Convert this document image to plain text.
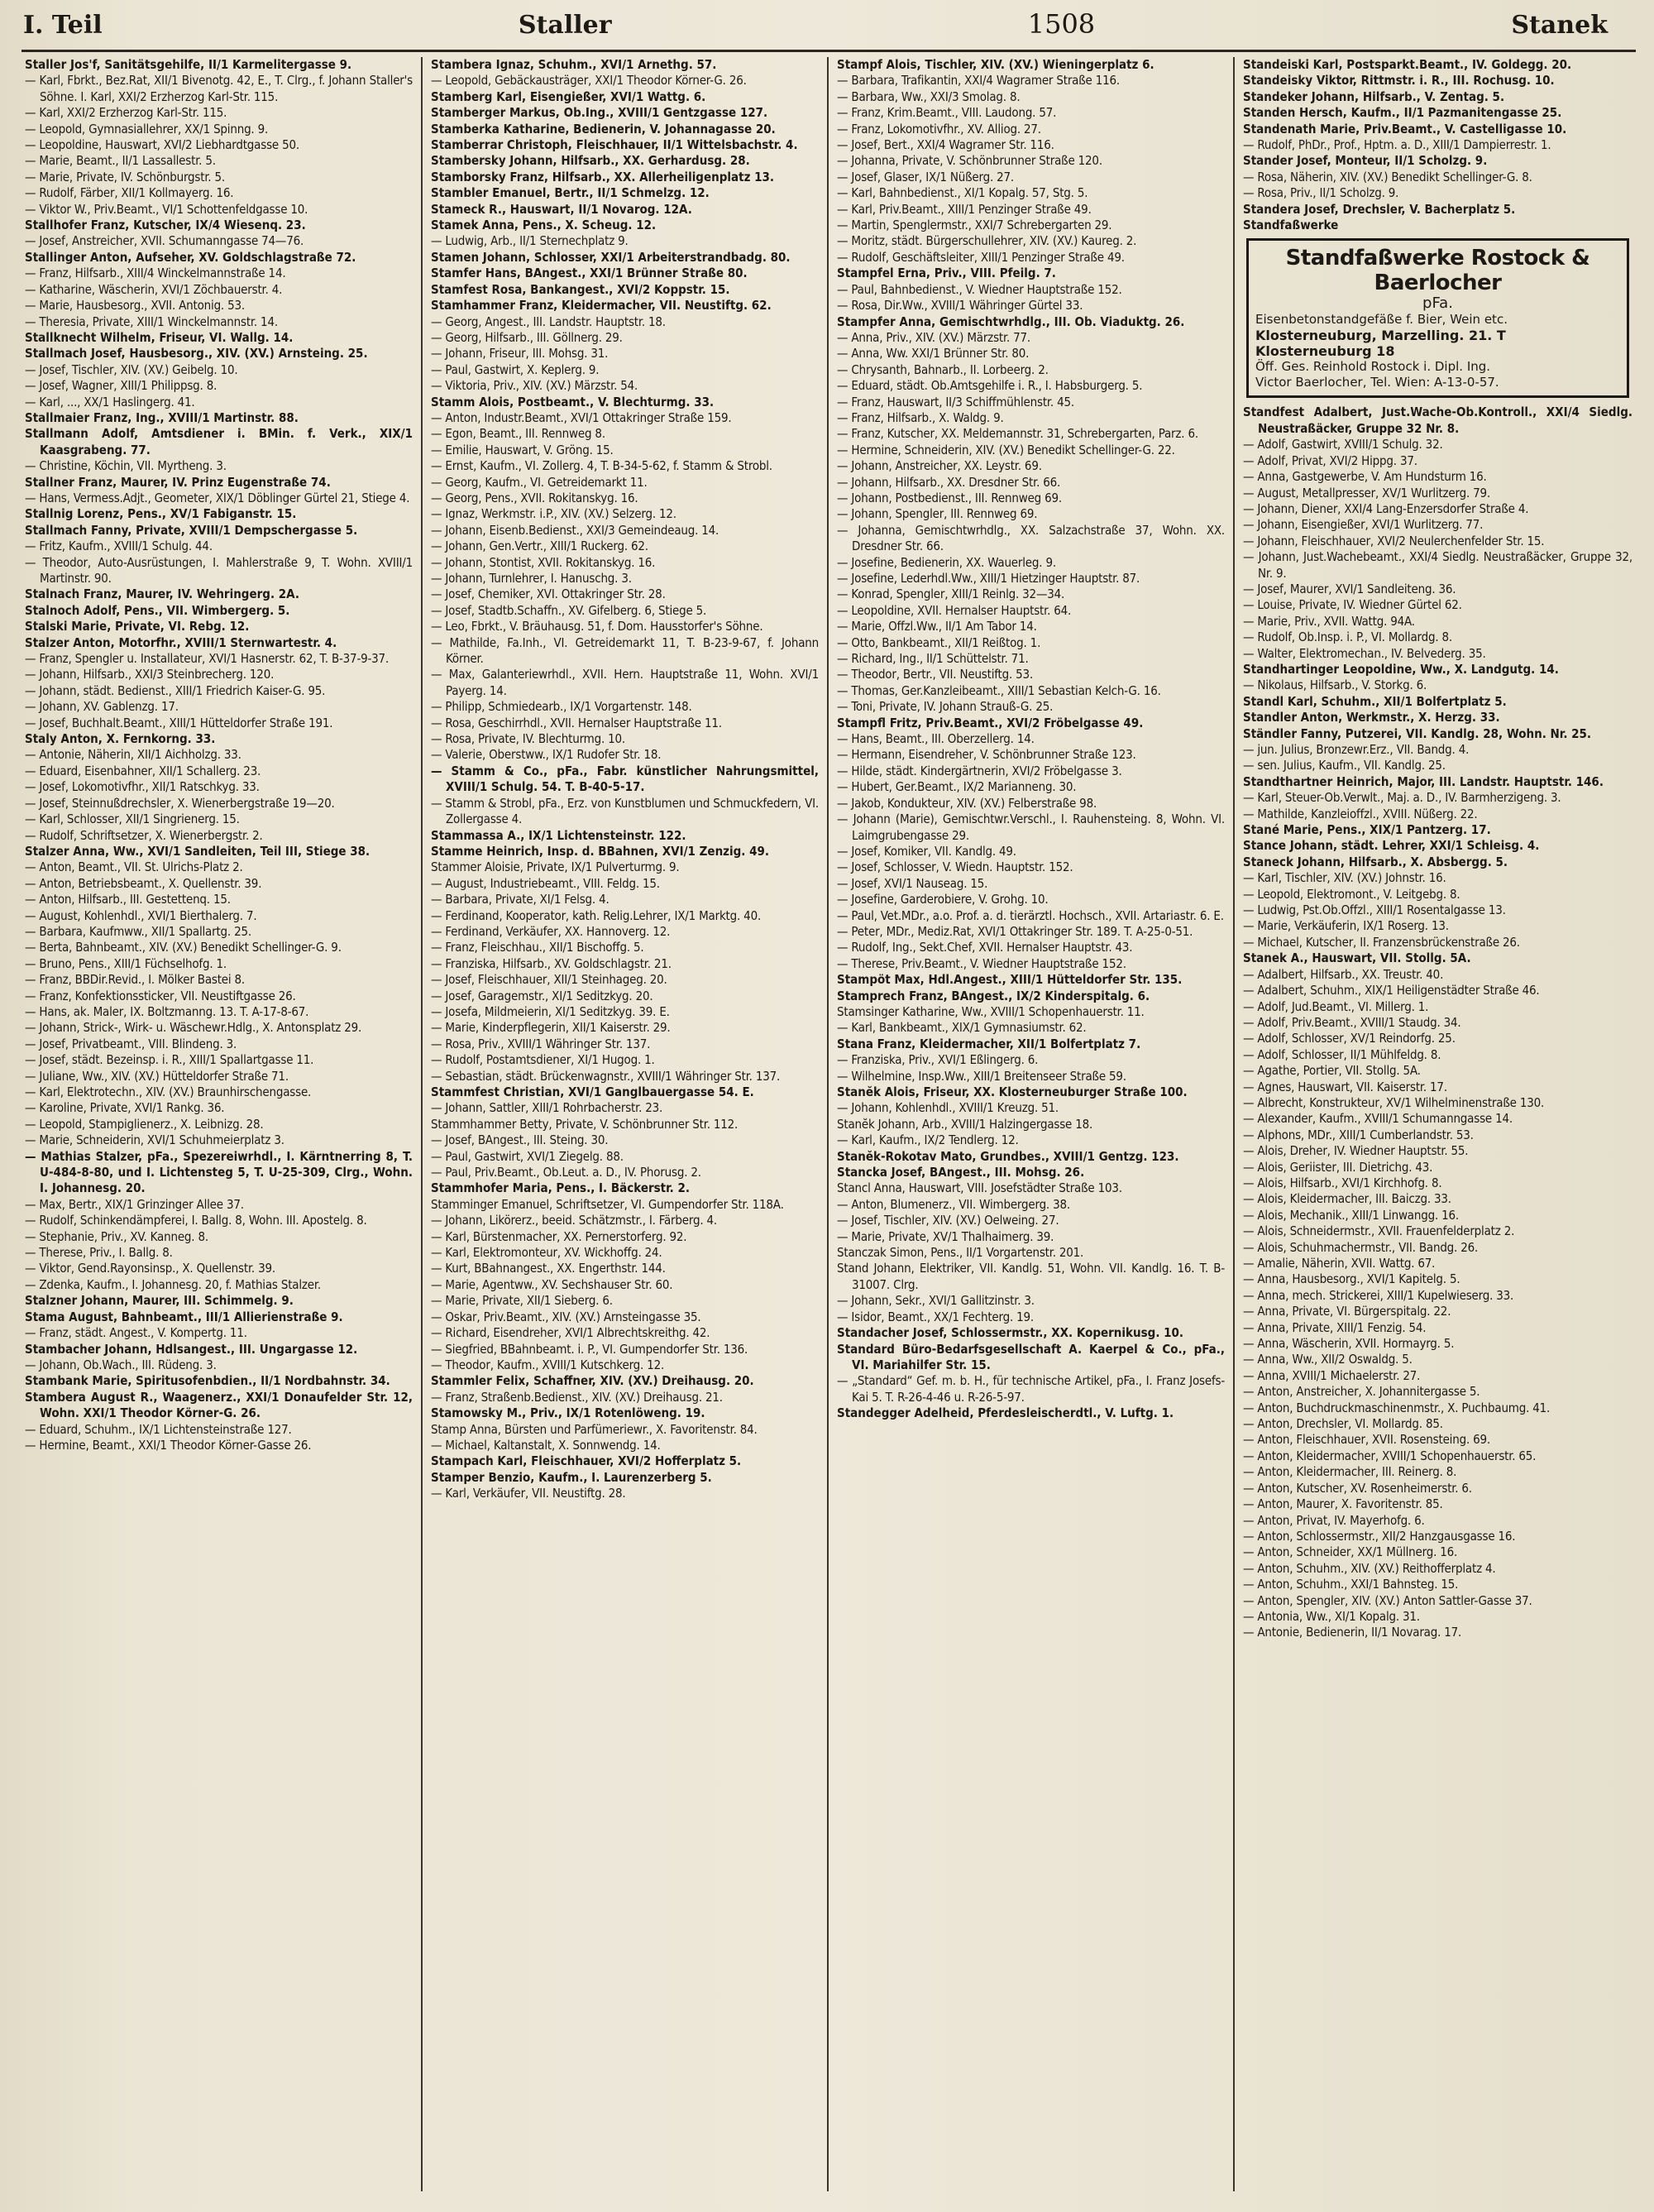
I. Teil	Staller	1508	Stanek

Staller Jos'f, Sanitätsgehilfe, II/1 Karmelitergasse 9.

— Karl, Fbrkt., Bez.Rat, XII/1 Bivenotg. 42, E., T. Clrg., f. Johann Staller's Söhne. I. Karl, XXI/2 Erzherzog Karl-Str. 115.

— Karl, XXI/2 Erzherzog Karl-Str. 115.

— Leopold, Gymnasiallehrer, XX/1 Spinng. 9.

— Leopoldine, Hauswart, XVI/2 Liebhardtgasse 50.

— Marie, Beamt., II/1 Lassallestr. 5.

— Marie, Private, IV. Schönburgstr. 5.

— Rudolf, Färber, XII/1 Kollmayerg. 16.

— Viktor W., Priv.Beamt., VI/1 Schottenfeldgasse 10.

Stallhofer Franz, Kutscher, IX/4 Wiesenq. 23.

— Josef, Anstreicher, XVII. Schumanngasse 74—76.

Stallinger Anton, Aufseher, XV. Goldschlagstraße 72.

— Franz, Hilfsarb., XIII/4 Winckelmannstraße 14.

— Katharine, Wäscherin, XVI/1 Zöchbauerstr. 4.

— Marie, Hausbesorg., XVII. Antonig. 53.

— Theresia, Private, XIII/1 Winckelmannstr. 14.

Stallknecht Wilhelm, Friseur, VI. Wallg. 14.

Stallmach Josef, Hausbesorg., XIV. (XV.) Arnsteing. 25.

— Josef, Tischler, XIV. (XV.) Geibelg. 10.

— Josef, Wagner, XIII/1 Philippsg. 8.

— Karl, ..., XX/1 Haslingerg. 41.

Stallmaier Franz, Ing., XVIII/1 Martinstr. 88.

Stallmann Adolf, Amtsdiener i. BMin. f. Verk., XIX/1 Kaasgrabeng. 77.

— Christine, Köchin, VII. Myrtheng. 3.

Stallner Franz, Maurer, IV. Prinz Eugenstraße 74.

— Hans, Vermess.Adjt., Geometer, XIX/1 Döblinger Gürtel 21, Stiege 4.

Stallnig Lorenz, Pens., XV/1 Fabiganstr. 15.

Stallmach Fanny, Private, XVIII/1 Dempschergasse 5.

— Fritz, Kaufm., XVIII/1 Schulg. 44.

— Theodor, Auto-Ausrüstungen, I. Mahlerstraße 9, T. Wohn. XVIII/1 Martinstr. 90.

Stalnach Franz, Maurer, IV. Wehringerg. 2A.

Stalnoch Adolf, Pens., VII. Wimbergerg. 5.

Stalski Marie, Private, VI. Rebg. 12.

Stalzer Anton, Motorfhr., XVIII/1 Sternwartestr. 4.

— Franz, Spengler u. Installateur, XVI/1 Hasnerstr. 62, T. B-37-9-37.

— Johann, Hilfsarb., XXI/3 Steinbrecherg. 120.

— Johann, städt. Bedienst., XIII/1 Friedrich Kaiser-G. 95.

— Johann, XV. Gablenzg. 17.

— Josef, Buchhalt.Beamt., XIII/1 Hütteldorfer Straße 191.

Staly Anton, X. Fernkorng. 33.

— Antonie, Näherin, XII/1 Aichholzg. 33.

— Eduard, Eisenbahner, XII/1 Schallerg. 23.

— Josef, Lokomotivfhr., XII/1 Ratschkyg. 33.

— Josef, Steinnußdrechsler, X. Wienerbergstraße 19—20.

— Karl, Schlosser, XII/1 Singrienerg. 15.

— Rudolf, Schriftsetzer, X. Wienerbergstr. 2.

Stalzer Anna, Ww., XVI/1 Sandleiten, Teil III, Stiege 38.

— Anton, Beamt., VII. St. Ulrichs-Platz 2.

— Anton, Betriebsbeamt., X. Quellenstr. 39.

— Anton, Hilfsarb., III. Gestettenq. 15.

— August, Kohlenhdl., XVI/1 Bierthalerg. 7.

— Barbara, Kaufmww., XII/1 Spallartg. 25.

— Berta, Bahnbeamt., XIV. (XV.) Benedikt Schellinger-G. 9.

— Bruno, Pens., XIII/1 Füchselhofg. 1.

— Franz, BBDir.Revid., I. Mölker Bastei 8.

— Franz, Konfektionssticker, VII. Neustiftgasse 26.

— Hans, ak. Maler, IX. Boltzmanng. 13. T. A-17-8-67.

— Johann, Strick-, Wirk- u. Wäschewr.Hdlg., X. Antonsplatz 29.

— Josef, Privatbeamt., VIII. Blindeng. 3.

— Josef, städt. Bezeinsp. i. R., XIII/1 Spallartgasse 11.

— Juliane, Ww., XIV. (XV.) Hütteldorfer Straße 71.

— Karl, Elektrotechn., XIV. (XV.) Braunhirschengasse.

— Karoline, Private, XVI/1 Rankg. 36.

— Leopold, Stampiglienerz., X. Leibnizg. 28.

— Marie, Schneiderin, XVI/1 Schuhmeierplatz 3.

— Mathias Stalzer, pFa., Spezereiwrhdl., I. Kärntnerring 8, T. U-484-8-80, und I. Lichtensteg 5, T. U-25-309, Clrg., Wohn. I. Johannesg. 20.

— Max, Bertr., XIX/1 Grinzinger Allee 37.

— Rudolf, Schinkendämpferei, I. Ballg. 8, Wohn. III. Apostelg. 8.

— Stephanie, Priv., XV. Kanneg. 8.

— Therese, Priv., I. Ballg. 8.

— Viktor, Gend.Rayonsinsp., X. Quellenstr. 39.

— Zdenka, Kaufm., I. Johannesg. 20, f. Mathias Stalzer.

Stalzner Johann, Maurer, III. Schimmelg. 9.

Stama August, Bahnbeamt., III/1 Allierienstraße 9.

— Franz, städt. Angest., V. Kompertg. 11.

Stambacher Johann, Hdlsangest., III. Ungargasse 12.

— Johann, Ob.Wach., III. Rüdeng. 3.

Stambank Marie, Spiritusofenbdien., II/1 Nordbahnstr. 34.

Stambera August R., Waagenerz., XXI/1 Donaufelder Str. 12, Wohn. XXI/1 Theodor Körner-G. 26.

— Eduard, Schuhm., IX/1 Lichtensteinstraße 127.

— Hermine, Beamt., XXI/1 Theodor Körner-Gasse 26.

Stambera Ignaz, Schuhm., XVI/1 Arnethg. 57.

— Leopold, Gebäckausträger, XXI/1 Theodor Körner-G. 26.

Stamberg Karl, Eisengießer, XVI/1 Wattg. 6.

Stamberger Markus, Ob.Ing., XVIII/1 Gentzgasse 127.

Stamberka Katharine, Bedienerin, V. Johannagasse 20.

Stamberrar Christoph, Fleischhauer, II/1 Wittelsbachstr. 4.

Stambersky Johann, Hilfsarb., XX. Gerhardusg. 28.

Stamborsky Franz, Hilfsarb., XX. Allerheiligenplatz 13.

Stambler Emanuel, Bertr., II/1 Schmelzg. 12.

Stameck R., Hauswart, II/1 Novarog. 12A.

Stamek Anna, Pens., X. Scheug. 12.

— Ludwig, Arb., II/1 Sternechplatz 9.

Stamen Johann, Schlosser, XXI/1 Arbeiterstrandbadg. 80.

Stamfer Hans, BAngest., XXI/1 Brünner Straße 80.

Stamfest Rosa, Bankangest., XVI/2 Koppstr. 15.

Stamhammer Franz, Kleidermacher, VII. Neustiftg. 62.

— Georg, Angest., III. Landstr. Hauptstr. 18.

— Georg, Hilfsarb., III. Göllnerg. 29.

— Johann, Friseur, III. Mohsg. 31.

— Paul, Gastwirt, X. Keplerg. 9.

— Viktoria, Priv., XIV. (XV.) Märzstr. 54.

Stamm Alois, Postbeamt., V. Blechturmg. 33.

— Anton, Industr.Beamt., XVI/1 Ottakringer Straße 159.

— Egon, Beamt., III. Rennweg 8.

— Emilie, Hauswart, V. Gröng. 15.

— Ernst, Kaufm., VI. Zollerg. 4, T. B-34-5-62, f. Stamm & Strobl.

— Georg, Kaufm., VI. Getreidemarkt 11.

— Georg, Pens., XVII. Rokitanskyg. 16.

— Ignaz, Werkmstr. i.P., XIV. (XV.) Selzerg. 12.

— Johann, Eisenb.Bedienst., XXI/3 Gemeindeaug. 14.

— Johann, Gen.Vertr., XIII/1 Ruckerg. 62.

— Johann, Stontist, XVII. Rokitanskyg. 16.

— Johann, Turnlehrer, I. Hanuschg. 3.

— Josef, Chemiker, XVI. Ottakringer Str. 28.

— Josef, Stadtb.Schaffn., XV. Gifelberg. 6, Stiege 5.

— Leo, Fbrkt., V. Bräuhausg. 51, f. Dom. Hausstorfer's Söhne.

— Mathilde, Fa.Inh., VI. Getreidemarkt 11, T. B-23-9-67, f. Johann Körner.

— Max, Galanteriewrhdl., XVII. Hern. Hauptstraße 11, Wohn. XVI/1 Payerg. 14.

— Philipp, Schmiedearb., IX/1 Vorgartenstr. 148.

— Rosa, Geschirrhdl., XVII. Hernalser Hauptstraße 11.

— Rosa, Private, IV. Blechturmg. 10.

— Valerie, Oberstww., IX/1 Rudofer Str. 18.

— Stamm & Co., pFa., Fabr. künstlicher Nahrungsmittel, XVIII/1 Schulg. 54. T. B-40-5-17.

— Stamm & Strobl, pFa., Erz. von Kunstblumen und Schmuckfedern, VI. Zollergasse 4.

Stammassa A., IX/1 Lichtensteinstr. 122.

Stamme Heinrich, Insp. d. BBahnen, XVI/1 Zenzig. 49.

Stammer Aloisie, Private, IX/1 Pulverturmg. 9.

— August, Industriebeamt., VIII. Feldg. 15.

— Barbara, Private, XI/1 Felsg. 4.

— Ferdinand, Kooperator, kath. Relig.Lehrer, IX/1 Marktg. 40.

— Ferdinand, Verkäufer, XX. Hannoverg. 12.

— Franz, Fleischhau., XII/1 Bischoffg. 5.

— Franziska, Hilfsarb., XV. Goldschlagstr. 21.

— Josef, Fleischhauer, XII/1 Steinhageg. 20.

— Josef, Garagemstr., XI/1 Seditzkyg. 20.

— Josefa, Mildmeierin, XI/1 Seditzkyg. 39. E.

— Marie, Kinderpflegerin, XII/1 Kaiserstr. 29.

— Rosa, Priv., XVIII/1 Währinger Str. 137.

— Rudolf, Postamtsdiener, XI/1 Hugog. 1.

— Sebastian, städt. Brückenwagnstr., XVIII/1 Währinger Str. 137.

Stammfest Christian, XVI/1 Ganglbauergasse 54. E.

— Johann, Sattler, XIII/1 Rohrbacherstr. 23.

Stammhammer Betty, Private, V. Schönbrunner Str. 112.

— Josef, BAngest., III. Steing. 30.

— Paul, Gastwirt, XVI/1 Ziegelg. 88.

— Paul, Priv.Beamt., Ob.Leut. a. D., IV. Phorusg. 2.

Stammhofer Maria, Pens., I. Bäckerstr. 2.

Stamminger Emanuel, Schriftsetzer, VI. Gumpendorfer Str. 118A.

— Johann, Likörerz., beeid. Schätzmstr., I. Färberg. 4.

— Karl, Bürstenmacher, XX. Pernerstorferg. 92.

— Karl, Elektromonteur, XV. Wickhoffg. 24.

— Kurt, BBahnangest., XX. Engerthstr. 144.

— Marie, Agentww., XV. Sechshauser Str. 60.

— Marie, Private, XII/1 Sieberg. 6.

— Oskar, Priv.Beamt., XIV. (XV.) Arnsteingasse 35.

— Richard, Eisendreher, XVI/1 Albrechtskreithg. 42.

— Siegfried, BBahnbeamt. i. P., VI. Gumpendorfer Str. 136.

— Theodor, Kaufm., XVIII/1 Kutschkerg. 12.

Stammler Felix, Schaffner, XIV. (XV.) Dreihausg. 20.

— Franz, Straßenb.Bedienst., XIV. (XV.) Dreihausg. 21.

Stamowsky M., Priv., IX/1 Rotenlöweng. 19.

Stamp Anna, Bürsten und Parfümeriewr., X. Favoritenstr. 84.

— Michael, Kaltanstalt, X. Sonnwendg. 14.

Stampach Karl, Fleischhauer, XVI/2 Hofferplatz 5.

Stamper Benzio, Kaufm., I. Laurenzerberg 5.

— Karl, Verkäufer, VII. Neustiftg. 28.

Stampf Alois, Tischler, XIV. (XV.) Wieningerplatz 6.

— Barbara, Trafikantin, XXI/4 Wagramer Straße 116.

— Barbara, Ww., XXI/3 Smolag. 8.

— Franz, Krim.Beamt., VIII. Laudong. 57.

— Franz, Lokomotivfhr., XV. Alliog. 27.

— Josef, Bert., XXI/4 Wagramer Str. 116.

— Johanna, Private, V. Schönbrunner Straße 120.

— Josef, Glaser, IX/1 Nüßerg. 27.

— Karl, Bahnbedienst., XI/1 Kopalg. 57, Stg. 5.

— Karl, Priv.Beamt., XIII/1 Penzinger Straße 49.

— Martin, Spenglermstr., XXI/7 Schrebergarten 29.

— Moritz, städt. Bürgerschullehrer, XIV. (XV.) Kaureg. 2.

— Rudolf, Geschäftsleiter, XIII/1 Penzinger Straße 49.

Stampfel Erna, Priv., VIII. Pfeilg. 7.

— Paul, Bahnbedienst., V. Wiedner Hauptstraße 152.

— Rosa, Dir.Ww., XVIII/1 Währinger Gürtel 33.

Stampfer Anna, Gemischtwrhdlg., III. Ob. Viaduktg. 26.

— Anna, Priv., XIV. (XV.) Märzstr. 77.

— Anna, Ww. XXI/1 Brünner Str. 80.

— Chrysanth, Bahnarb., II. Lorbeerg. 2.

— Eduard, städt. Ob.Amtsgehilfe i. R., I. Habsburgerg. 5.

— Franz, Hauswart, II/3 Schiffmühlenstr. 45.

— Franz, Hilfsarb., X. Waldg. 9.

— Franz, Kutscher, XX. Meldemannstr. 31, Schrebergarten, Parz. 6.

— Hermine, Schneiderin, XIV. (XV.) Benedikt Schellinger-G. 22.

— Johann, Anstreicher, XX. Leystr. 69.

— Johann, Hilfsarb., XX. Dresdner Str. 66.

— Johann, Postbedienst., III. Rennweg 69.

— Johann, Spengler, III. Rennweg 69.

— Johanna, Gemischtwrhdlg., XX. Salzachstraße 37, Wohn. XX. Dresdner Str. 66.

— Josefine, Bedienerin, XX. Wauerleg. 9.

— Josefine, Lederhdl.Ww., XIII/1 Hietzinger Hauptstr. 87.

— Konrad, Spengler, XIII/1 Reinlg. 32—34.

— Leopoldine, XVII. Hernalser Hauptstr. 64.

— Marie, Offzl.Ww., II/1 Am Tabor 14.

— Otto, Bankbeamt., XII/1 Reißtog. 1.

— Richard, Ing., II/1 Schüttelstr. 71.

— Theodor, Bertr., VII. Neustiftg. 53.

— Thomas, Ger.Kanzleibeamt., XIII/1 Sebastian Kelch-G. 16.

— Toni, Private, IV. Johann Strauß-G. 25.

Stampfl Fritz, Priv.Beamt., XVI/2 Fröbelgasse 49.

— Hans, Beamt., III. Oberzellerg. 14.

— Hermann, Eisendreher, V. Schönbrunner Straße 123.

— Hilde, städt. Kindergärtnerin, XVI/2 Fröbelgasse 3.

— Hubert, Ger.Beamt., IX/2 Marianneng. 30.

— Jakob, Kondukteur, XIV. (XV.) Felberstraße 98.

— Johann (Marie), Gemischtwr.Verschl., I. Rauhensteing. 8, Wohn. VI. Laimgrubengasse 29.

— Josef, Komiker, VII. Kandlg. 49.

— Josef, Schlosser, V. Wiedn. Hauptstr. 152.

— Josef, XVI/1 Nauseag. 15.

— Josefine, Garderobiere, V. Grohg. 10.

— Paul, Vet.MDr., a.o. Prof. a. d. tierärztl. Hochsch., XVII. Artariastr. 6. E.

— Peter, MDr., Mediz.Rat, XVI/1 Ottakringer Str. 189. T. A-25-0-51.

— Rudolf, Ing., Sekt.Chef, XVII. Hernalser Hauptstr. 43.

— Therese, Priv.Beamt., V. Wiedner Hauptstraße 152.

Stampöt Max, Hdl.Angest., XIII/1 Hütteldorfer Str. 135.

Stamprech Franz, BAngest., IX/2 Kinderspitalg. 6.

Stamsinger Katharine, Ww., XVIII/1 Schopenhauerstr. 11.

— Karl, Bankbeamt., XIX/1 Gymnasiumstr. 62.

Stana Franz, Kleidermacher, XII/1 Bolfertplatz 7.

— Franziska, Priv., XVI/1 Eßlingerg. 6.

— Wilhelmine, Insp.Ww., XIII/1 Breitenseer Straße 59.

Stanĕk Alois, Friseur, XX. Klosterneuburger Straße 100.

— Johann, Kohlenhdl., XVIII/1 Kreuzg. 51.

Stanĕk Johann, Arb., XVIII/1 Halzingergasse 18.

— Karl, Kaufm., IX/2 Tendlerg. 12.

Stanĕk-Rokotav Mato, Grundbes., XVIII/1 Gentzg. 123.

Stancka Josef, BAngest., III. Mohsg. 26.

Stancl Anna, Hauswart, VIII. Josefstädter Straße 103.

— Anton, Blumenerz., VII. Wimbergerg. 38.

— Josef, Tischler, XIV. (XV.) Oelweing. 27.

— Marie, Private, XV/1 Thalhaimerg. 39.

Stanczak Simon, Pens., II/1 Vorgartenstr. 201.

Stand Johann, Elektriker, VII. Kandlg. 51, Wohn. VII. Kandlg. 16. T. B-31007. Clrg.

— Johann, Sekr., XVI/1 Gallitzinstr. 3.

— Isidor, Beamt., XX/1 Fechterg. 19.

Standacher Josef, Schlossermstr., XX. Kopernikusg. 10.

Standard Büro-Bedarfsgesellschaft A. Kaerpel & Co., pFa., VI. Mariahilfer Str. 15.

— „Standard“ Gef. m. b. H., für technische Artikel, pFa., I. Franz Josefs-Kai 5. T. R-26-4-46 u. R-26-5-97.

Standegger Adelheid, Pferdesleischerdtl., V. Luftg. 1.

Standeiski Karl, Postsparkt.Beamt., IV. Goldegg. 20.

Standeisky Viktor, Rittmstr. i. R., III. Rochusg. 10.

Standeker Johann, Hilfsarb., V. Zentag. 5.

Standen Hersch, Kaufm., II/1 Pazmanitengasse 25.

Standenath Marie, Priv.Beamt., V. Castelligasse 10.

— Rudolf, PhDr., Prof., Hptm. a. D., XIII/1 Dampierrestr. 1.

Stander Josef, Monteur, II/1 Scholzg. 9.

— Rosa, Näherin, XIV. (XV.) Benedikt Schellinger-G. 8.

— Rosa, Priv., II/1 Scholzg. 9.

Standera Josef, Drechsler, V. Bacherplatz 5.

Standfaßwerke

Standfaßwerke Rostock & Baerlocher
pFa.
Eisenbetonstandgefäße f. Bier, Wein etc.
Klosterneuburg, Marzelling. 21. T Klosterneuburg 18
Öff. Ges. Reinhold Rostock i. Dipl. Ing.
Victor Baerlocher, Tel. Wien: A-13-0-57.

Standfest Adalbert, Just.Wache-Ob.Kontroll., XXI/4 Siedlg. Neustraßäcker, Gruppe 32 Nr. 8.

— Adolf, Gastwirt, XVIII/1 Schulg. 32.

— Adolf, Privat, XVI/2 Hippg. 37.

— Anna, Gastgewerbe, V. Am Hundsturm 16.

— August, Metallpresser, XV/1 Wurlitzerg. 79.

— Johann, Diener, XXI/4 Lang-Enzersdorfer Straße 4.

— Johann, Eisengießer, XVI/1 Wurlitzerg. 77.

— Johann, Fleischhauer, XVI/2 Neulerchenfelder Str. 15.

— Johann, Just.Wachebeamt., XXI/4 Siedlg. Neustraßäcker, Gruppe 32, Nr. 9.

— Josef, Maurer, XVI/1 Sandleiteng. 36.

— Louise, Private, IV. Wiedner Gürtel 62.

— Marie, Priv., XVII. Wattg. 94A.

— Rudolf, Ob.Insp. i. P., VI. Mollardg. 8.

— Walter, Elektromechan., IV. Belvederg. 35.

Standhartinger Leopoldine, Ww., X. Landgutg. 14.

— Nikolaus, Hilfsarb., V. Storkg. 6.

Standl Karl, Schuhm., XII/1 Bolfertplatz 5.

Standler Anton, Werkmstr., X. Herzg. 33.

Ständler Fanny, Putzerei, VII. Kandlg. 28, Wohn. Nr. 25.

— jun. Julius, Bronzewr.Erz., VII. Bandg. 4.

— sen. Julius, Kaufm., VII. Kandlg. 25.

Standthartner Heinrich, Major, III. Landstr. Hauptstr. 146.

— Karl, Steuer-Ob.Verwlt., Maj. a. D., IV. Barmherzigeng. 3.

— Mathilde, Kanzleioffzl., XVIII. Nüßerg. 22.

Stané Marie, Pens., XIX/1 Pantzerg. 17.

Stance Johann, städt. Lehrer, XXI/1 Schleisg. 4.

Staneck Johann, Hilfsarb., X. Absbergg. 5.

— Karl, Tischler, XIV. (XV.) Johnstr. 16.

— Leopold, Elektromont., V. Leitgebg. 8.

— Ludwig, Pst.Ob.Offzl., XIII/1 Rosentalgasse 13.

— Marie, Verkäuferin, IX/1 Roserg. 13.

— Michael, Kutscher, II. Franzensbrückenstraße 26.

Stanek A., Hauswart, VII. Stollg. 5A.

— Adalbert, Hilfsarb., XX. Treustr. 40.

— Adalbert, Schuhm., XIX/1 Heiligenstädter Straße 46.

— Adolf, Jud.Beamt., VI. Millerg. 1.

— Adolf, Priv.Beamt., XVIII/1 Staudg. 34.

— Adolf, Schlosser, XV/1 Reindorfg. 25.

— Adolf, Schlosser, II/1 Mühlfeldg. 8.

— Agathe, Portier, VII. Stollg. 5A.

— Agnes, Hauswart, VII. Kaiserstr. 17.

— Albrecht, Konstrukteur, XV/1 Wilhelminenstraße 130.

— Alexander, Kaufm., XVIII/1 Schumanngasse 14.

— Alphons, MDr., XIII/1 Cumberlandstr. 53.

— Alois, Dreher, IV. Wiedner Hauptstr. 55.

— Alois, Geriister, III. Dietrichg. 43.

— Alois, Hilfsarb., XVI/1 Kirchhofg. 8.

— Alois, Kleidermacher, III. Baiczg. 33.

— Alois, Mechanik., XIII/1 Linwangg. 16.

— Alois, Schneidermstr., XVII. Frauenfelderplatz 2.

— Alois, Schuhmachermstr., VII. Bandg. 26.

— Amalie, Näherin, XVII. Wattg. 67.

— Anna, Hausbesorg., XVI/1 Kapitelg. 5.

— Anna, mech. Strickerei, XIII/1 Kupelwieserg. 33.

— Anna, Private, VI. Bürgerspitalg. 22.

— Anna, Private, XIII/1 Fenzig. 54.

— Anna, Wäscherin, XVII. Hormayrg. 5.

— Anna, Ww., XII/2 Oswaldg. 5.

— Anna, XVIII/1 Michaelerstr. 27.

— Anton, Anstreicher, X. Johannitergasse 5.

— Anton, Buchdruckmaschinenmstr., X. Puchbaumg. 41.

— Anton, Drechsler, VI. Mollardg. 85.

— Anton, Fleischhauer, XVII. Rosensteing. 69.

— Anton, Kleidermacher, XVIII/1 Schopenhauerstr. 65.

— Anton, Kleidermacher, III. Reinerg. 8.

— Anton, Kutscher, XV. Rosenheimerstr. 6.

— Anton, Maurer, X. Favoritenstr. 85.

— Anton, Privat, IV. Mayerhofg. 6.

— Anton, Schlossermstr., XII/2 Hanzgausgasse 16.

— Anton, Schneider, XX/1 Müllnerg. 16.

— Anton, Schuhm., XIV. (XV.) Reithofferplatz 4.

— Anton, Schuhm., XXI/1 Bahnsteg. 15.

— Anton, Spengler, XIV. (XV.) Anton Sattler-Gasse 37.

— Antonia, Ww., XI/1 Kopalg. 31.

— Antonie, Bedienerin, II/1 Novarag. 17.
